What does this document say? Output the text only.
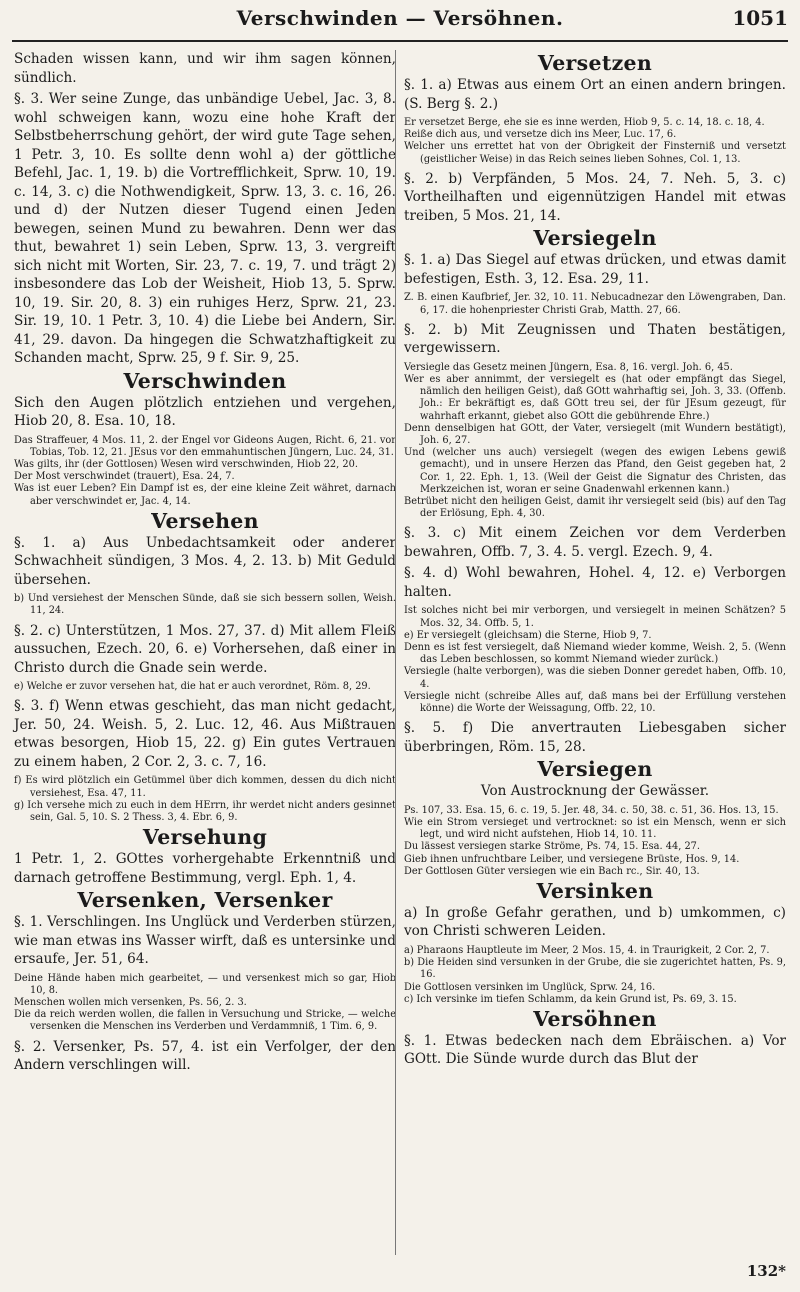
Verschwinden — Versöhnen.	1051

Schaden wissen kann, und wir ihm sagen können, sündlich.

§. 3. Wer seine Zunge, das unbändige Uebel, Jac. 3, 8. wohl schweigen kann, wozu eine hohe Kraft der Selbstbeherrschung gehört, der wird gute Tage sehen, 1 Petr. 3, 10. Es sollte denn wohl a) der göttliche Befehl, Jac. 1, 19. b) die Vortrefflichkeit, Sprw. 10, 19. c. 14, 3. c) die Nothwendigkeit, Sprw. 13, 3. c. 16, 26. und d) der Nutzen dieser Tugend einen Jeden bewegen, seinen Mund zu bewahren. Denn wer das thut, bewahret 1) sein Leben, Sprw. 13, 3. vergreift sich nicht mit Worten, Sir. 23, 7. c. 19, 7. und trägt 2) insbesondere das Lob der Weisheit, Hiob 13, 5. Sprw. 10, 19. Sir. 20, 8. 3) ein ruhiges Herz, Sprw. 21, 23. Sir. 19, 10. 1 Petr. 3, 10. 4) die Liebe bei Andern, Sir. 41, 29. davon. Da hingegen die Schwatzhaftigkeit zu Schanden macht, Sprw. 25, 9 f. Sir. 9, 25.

Verschwinden

Sich den Augen plötzlich entziehen und vergehen, Hiob 20, 8. Esa. 10, 18.

Das Straffeuer, 4 Mos. 11, 2. der Engel vor Gideons Augen, Richt. 6, 21. vor Tobias, Tob. 12, 21. JEsus vor den emmahuntischen Jüngern, Luc. 24, 31.

Was gilts, ihr (der Gottlosen) Wesen wird verschwinden, Hiob 22, 20.

Der Most verschwindet (trauert), Esa. 24, 7.

Was ist euer Leben? Ein Dampf ist es, der eine kleine Zeit währet, darnach aber verschwindet er, Jac. 4, 14.

Versehen

§. 1. a) Aus Unbedachtsamkeit oder anderer Schwachheit sündigen, 3 Mos. 4, 2. 13. b) Mit Geduld übersehen.

b) Und versiehest der Menschen Sünde, daß sie sich bessern sollen, Weish. 11, 24.

§. 2. c) Unterstützen, 1 Mos. 27, 37. d) Mit allem Fleiß aussuchen, Ezech. 20, 6. e) Vorhersehen, daß einer in Christo durch die Gnade sein werde.

e) Welche er zuvor versehen hat, die hat er auch verordnet, Röm. 8, 29.

§. 3. f) Wenn etwas geschieht, das man nicht gedacht, Jer. 50, 24. Weish. 5, 2. Luc. 12, 46. Aus Mißtrauen etwas besorgen, Hiob 15, 22. g) Ein gutes Vertrauen zu einem haben, 2 Cor. 2, 3. c. 7, 16.

f) Es wird plötzlich ein Getümmel über dich kommen, dessen du dich nicht versiehest, Esa. 47, 11.

g) Ich versehe mich zu euch in dem HErrn, ihr werdet nicht anders gesinnet sein, Gal. 5, 10. S. 2 Thess. 3, 4. Ebr. 6, 9.

Versehung

1 Petr. 1, 2. GOttes vorhergehabte Erkenntniß und darnach getroffene Bestimmung, vergl. Eph. 1, 4.

Versenken, Versenker

§. 1. Verschlingen. Ins Unglück und Verderben stürzen, wie man etwas ins Wasser wirft, daß es untersinke und ersaufe, Jer. 51, 64.

Deine Hände haben mich gearbeitet, — und versenkest mich so gar, Hiob 10, 8.

Menschen wollen mich versenken, Ps. 56, 2. 3.

Die da reich werden wollen, die fallen in Versuchung und Stricke, — welche versenken die Menschen ins Verderben und Verdammniß, 1 Tim. 6, 9.

§. 2. Versenker, Ps. 57, 4. ist ein Verfolger, der den Andern verschlingen will.

Versetzen

§. 1. a) Etwas aus einem Ort an einen andern bringen. (S. Berg §. 2.)

Er versetzet Berge, ehe sie es inne werden, Hiob 9, 5. c. 14, 18. c. 18, 4.

Reiße dich aus, und versetze dich ins Meer, Luc. 17, 6.

Welcher uns errettet hat von der Obrigkeit der Finsterniß und versetzt (geistlicher Weise) in das Reich seines lieben Sohnes, Col. 1, 13.

§. 2. b) Verpfänden, 5 Mos. 24, 7. Neh. 5, 3. c) Vortheilhaften und eigennützigen Handel mit etwas treiben, 5 Mos. 21, 14.

Versiegeln

§. 1. a) Das Siegel auf etwas drücken, und etwas damit befestigen, Esth. 3, 12. Esa. 29, 11.

Z. B. einen Kaufbrief, Jer. 32, 10. 11. Nebucadnezar den Löwengraben, Dan. 6, 17. die hohenpriester Christi Grab, Matth. 27, 66.

§. 2. b) Mit Zeugnissen und Thaten bestätigen, vergewissern.

Versiegle das Gesetz meinen Jüngern, Esa. 8, 16. vergl. Joh. 6, 45.

Wer es aber annimmt, der versiegelt es (hat oder empfängt das Siegel, nämlich den heiligen Geist), daß GOtt wahrhaftig sei, Joh. 3, 33. (Offenb. Joh.: Er bekräftigt es, daß GOtt treu sei, der für JEsum gezeugt, für wahrhaft erkannt, giebet also GOtt die gebührende Ehre.)

Denn denselbigen hat GOtt, der Vater, versiegelt (mit Wundern bestätigt), Joh. 6, 27.

Und (welcher uns auch) versiegelt (wegen des ewigen Lebens gewiß gemacht), und in unsere Herzen das Pfand, den Geist gegeben hat, 2 Cor. 1, 22. Eph. 1, 13. (Weil der Geist die Signatur des Christen, das Merkzeichen ist, woran er seine Gnadenwahl erkennen kann.)

Betrübet nicht den heiligen Geist, damit ihr versiegelt seid (bis) auf den Tag der Erlösung, Eph. 4, 30.

§. 3. c) Mit einem Zeichen vor dem Verderben bewahren, Offb. 7, 3. 4. 5. vergl. Ezech. 9, 4.

§. 4. d) Wohl bewahren, Hohel. 4, 12. e) Verborgen halten.

Ist solches nicht bei mir verborgen, und versiegelt in meinen Schätzen? 5 Mos. 32, 34. Offb. 5, 1.

e) Er versiegelt (gleichsam) die Sterne, Hiob 9, 7.

Denn es ist fest versiegelt, daß Niemand wieder komme, Weish. 2, 5. (Wenn das Leben beschlossen, so kommt Niemand wieder zurück.)

Versiegle (halte verborgen), was die sieben Donner geredet haben, Offb. 10, 4.

Versiegle nicht (schreibe Alles auf, daß mans bei der Erfüllung verstehen könne) die Worte der Weissagung, Offb. 22, 10.

§. 5. f) Die anvertrauten Liebesgaben sicher überbringen, Röm. 15, 28.

Versiegen

Von Austrocknung der Gewässer.

Ps. 107, 33. Esa. 15, 6. c. 19, 5. Jer. 48, 34. c. 50, 38. c. 51, 36. Hos. 13, 15.

Wie ein Strom versieget und vertrocknet: so ist ein Mensch, wenn er sich legt, und wird nicht aufstehen, Hiob 14, 10. 11.

Du lässest versiegen starke Ströme, Ps. 74, 15. Esa. 44, 27.

Gieb ihnen unfruchtbare Leiber, und versiegene Brüste, Hos. 9, 14.

Der Gottlosen Güter versiegen wie ein Bach rc., Sir. 40, 13.

Versinken

a) In große Gefahr gerathen, und b) umkommen, c) von Christi schweren Leiden.

a) Pharaons Hauptleute im Meer, 2 Mos. 15, 4. in Traurigkeit, 2 Cor. 2, 7.

b) Die Heiden sind versunken in der Grube, die sie zugerichtet hatten, Ps. 9, 16.

Die Gottlosen versinken im Unglück, Sprw. 24, 16.

c) Ich versinke im tiefen Schlamm, da kein Grund ist, Ps. 69, 3. 15.

Versöhnen

§. 1. Etwas bedecken nach dem Ebräischen. a) Vor GOtt. Die Sünde wurde durch das Blut der

132*
